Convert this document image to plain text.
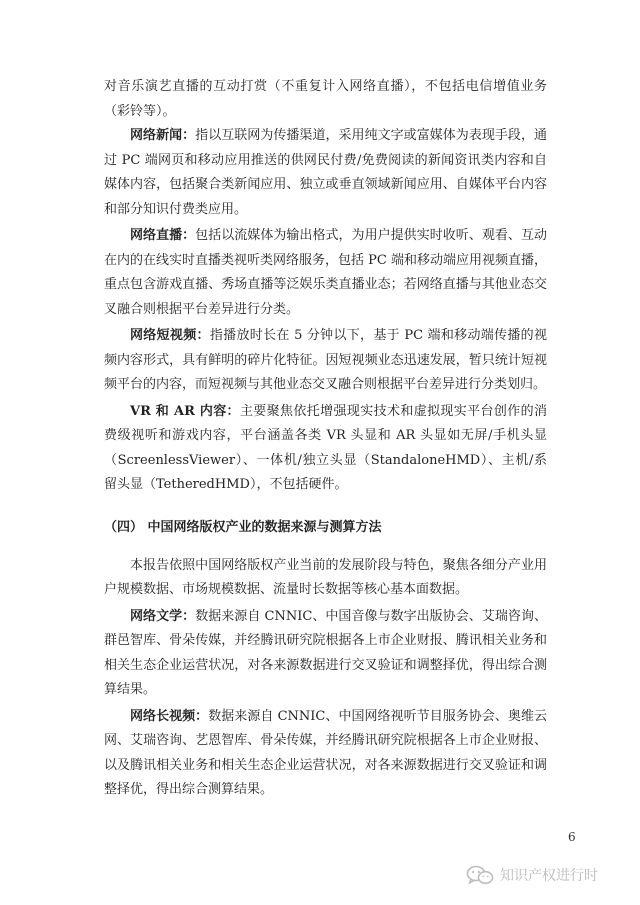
对音乐演艺直播的互动打赏（不重复计入网络直播），不包括电信增值业务（彩铃等）。

网络新闻：指以互联网为传播渠道，采用纯文字或富媒体为表现手段，通过 PC 端网页和移动应用推送的供网民付费/免费阅读的新闻资讯类内容和自媒体内容，包括聚合类新闻应用、独立或垂直领域新闻应用、自媒体平台内容和部分知识付费类应用。

网络直播：包括以流媒体为输出格式，为用户提供实时收听、观看、互动在内的在线实时直播类视听类网络服务，包括 PC 端和移动端应用视频直播，重点包含游戏直播、秀场直播等泛娱乐类直播业态；若网络直播与其他业态交叉融合则根据平台差异进行分类。

网络短视频：指播放时长在 5 分钟以下，基于 PC 端和移动端传播的视频内容形式，具有鲜明的碎片化特征。因短视频业态迅速发展，暂只统计短视频平台的内容，而短视频与其他业态交叉融合则根据平台差异进行分类划归。

VR 和 AR 内容：主要聚焦依托增强现实技术和虚拟现实平台创作的消费级视听和游戏内容，平台涵盖各类 VR 头显和 AR 头显如无屏/手机头显（ScreenlessViewer）、一体机/独立头显（StandaloneHMD）、主机/系留头显（TetheredHMD），不包括硬件。

（四） 中国网络版权产业的数据来源与测算方法

本报告依照中国网络版权产业当前的发展阶段与特色，聚焦各细分产业用户规模数据、市场规模数据、流量时长数据等核心基本面数据。

网络文学：数据来源自 CNNIC、中国音像与数字出版协会、艾瑞咨询、群邑智库、骨朵传媒，并经腾讯研究院根据各上市企业财报、腾讯相关业务和相关生态企业运营状况，对各来源数据进行交叉验证和调整择优，得出综合测算结果。

网络长视频：数据来源自 CNNIC、中国网络视听节目服务协会、奥维云网、艾瑞咨询、艺恩智库、骨朵传媒，并经腾讯研究院根据各上市企业财报、以及腾讯相关业务和相关生态企业运营状况，对各来源数据进行交叉验证和调整择优，得出综合测算结果。

6
知识产权进行时
